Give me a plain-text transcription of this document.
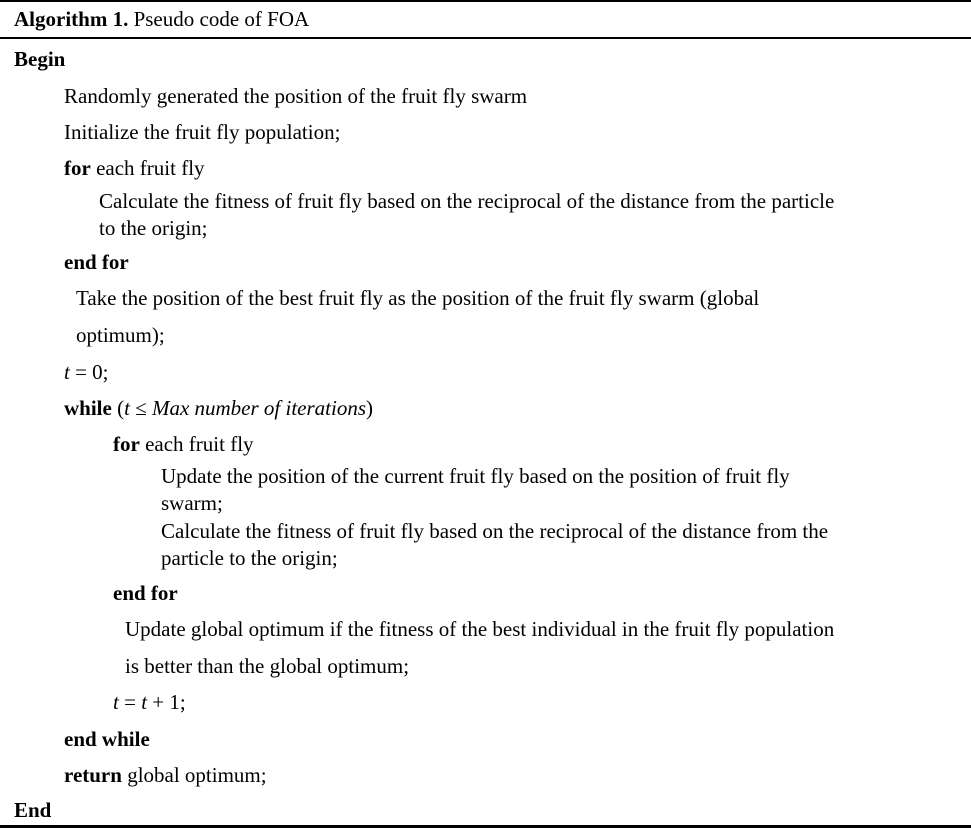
Algorithm 1. Pseudo code of FOA
Begin
Randomly generated the position of the fruit fly swarm
Initialize the fruit fly population;
for each fruit fly
Calculate the fitness of fruit fly based on the reciprocal of the distance from the particle
to the origin;
end for
Take the position of the best fruit fly as the position of the fruit fly swarm (global
optimum);
t = 0;
while (t ≤ Max number of iterations)
for each fruit fly
Update the position of the current fruit fly based on the position of fruit fly
swarm;
Calculate the fitness of fruit fly based on the reciprocal of the distance from the
particle to the origin;
end for
Update global optimum if the fitness of the best individual in the fruit fly population
is better than the global optimum;
t = t + 1;
end while
return global optimum;
End
